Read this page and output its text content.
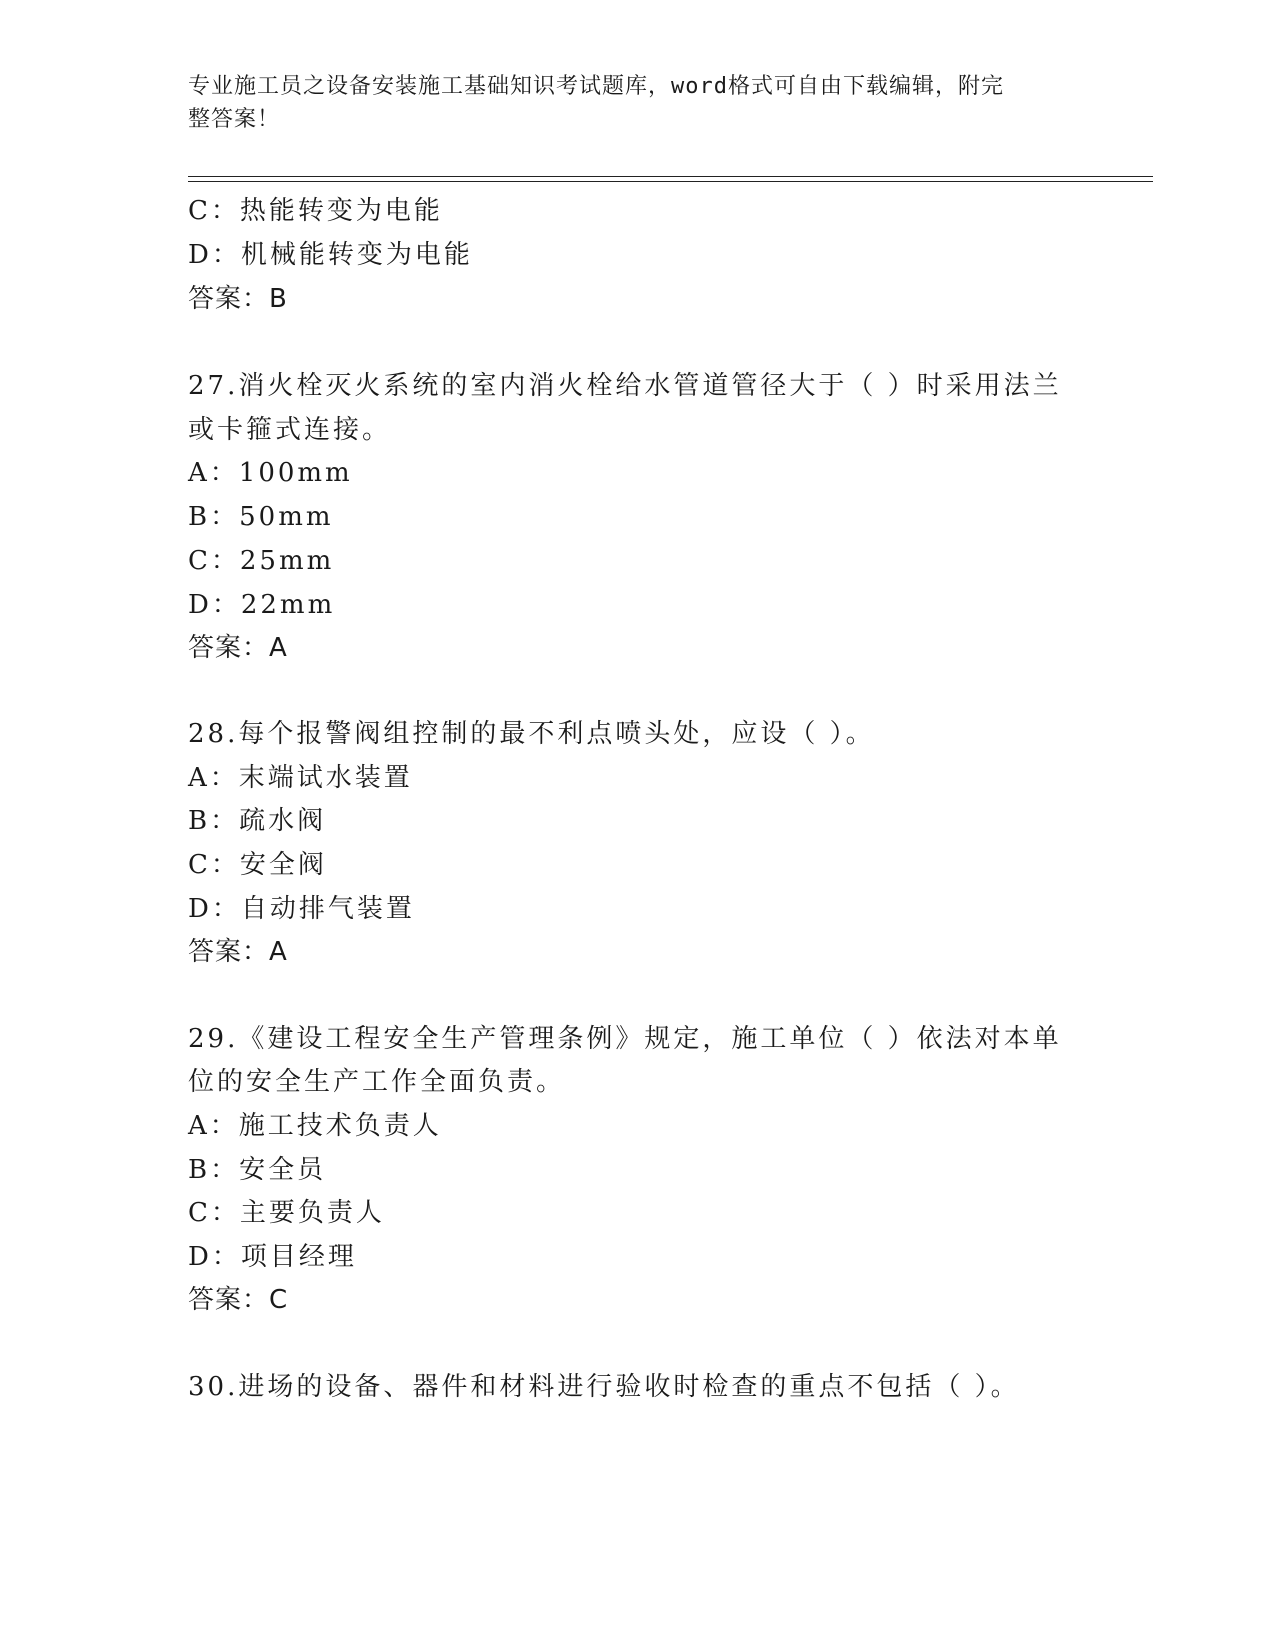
专业施工员之设备安装施工基础知识考试题库，word格式可自由下载编辑，附完
整答案！
C：热能转变为电能
D：机械能转变为电能
答案：B
27.消火栓灭火系统的室内消火栓给水管道管径大于（ ）时采用法兰
或卡箍式连接。
A：100mm
B：50mm
C：25mm
D：22mm
答案：A
28.每个报警阀组控制的最不利点喷头处，应设（ ）。
A：末端试水装置
B：疏水阀
C：安全阀
D：自动排气装置
答案：A
29.《建设工程安全生产管理条例》规定，施工单位（ ）依法对本单
位的安全生产工作全面负责。
A：施工技术负责人
B：安全员
C：主要负责人
D：项目经理
答案：C
30.进场的设备、器件和材料进行验收时检查的重点不包括（ ）。
